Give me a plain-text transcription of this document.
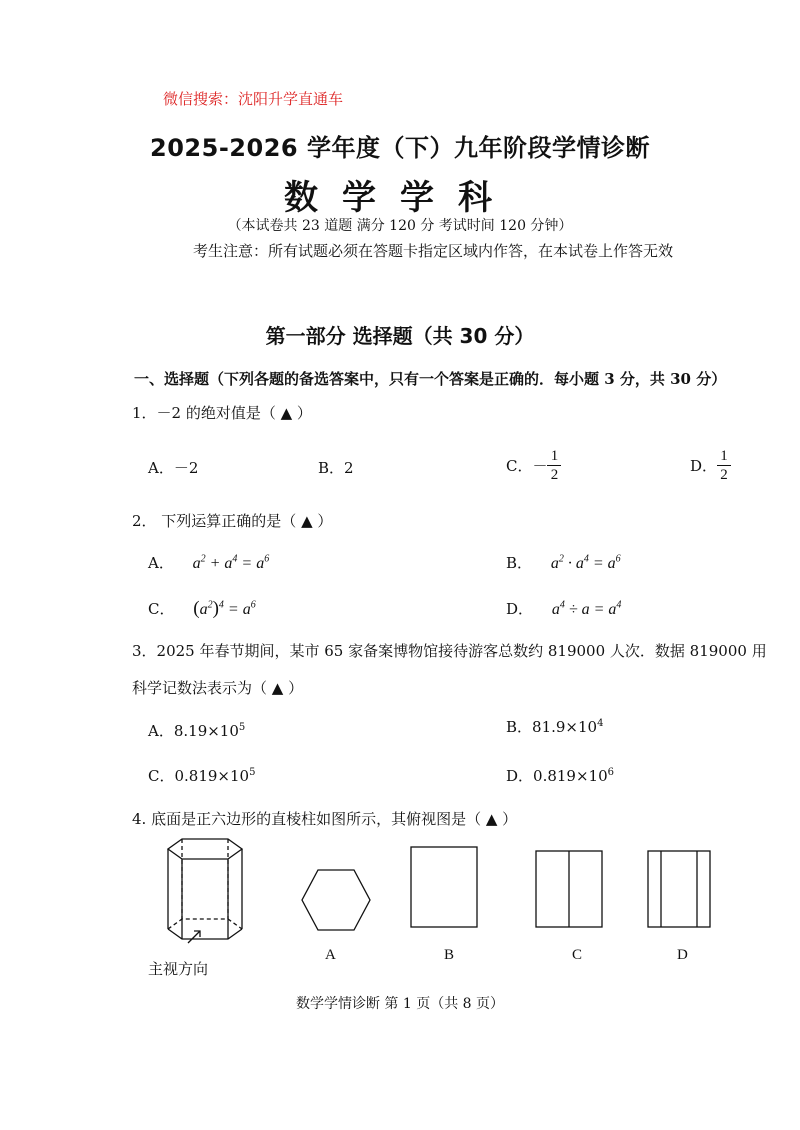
微信搜索：沈阳升学直通车
2025-2026 学年度（下）九年阶段学情诊断
数学学科
（本试卷共 23 道题 满分 120 分 考试时间 120 分钟）
考生注意：所有试题必须在答题卡指定区域内作答，在本试卷上作答无效
第一部分 选择题（共 30 分）
一、选择题（下列各题的备选答案中，只有一个答案是正确的．每小题 3 分，共 30 分）
1．－2 的绝对值是（ ▲ ）
A．－2	B．2	C．－ $\frac{1}{2}$	D． $\frac{1}{2}$
2． 下列运算正确的是（ ▲ ）
A． $a^2 + a^4 = a^6$	B． $a^2 \cdot a^4 = a^6$
C． $(a^2)^4 = a^6$	D． $a^4 \div a = a^4$
3．2025 年春节期间，某市 65 家备案博物馆接待游客总数约 819000 人次．数据 819000 用
科学记数法表示为（ ▲ ）
A．$8.19\times 10^5$	B．$81.9\times 10^4$
C．$0.819\times 10^5$	D．$0.819\times 10^6$
4. 底面是正六边形的直棱柱如图所示，其俯视图是（ ▲ ）
主视方向
A	B	C	D
数学学情诊断 第 1 页（共 8 页）
